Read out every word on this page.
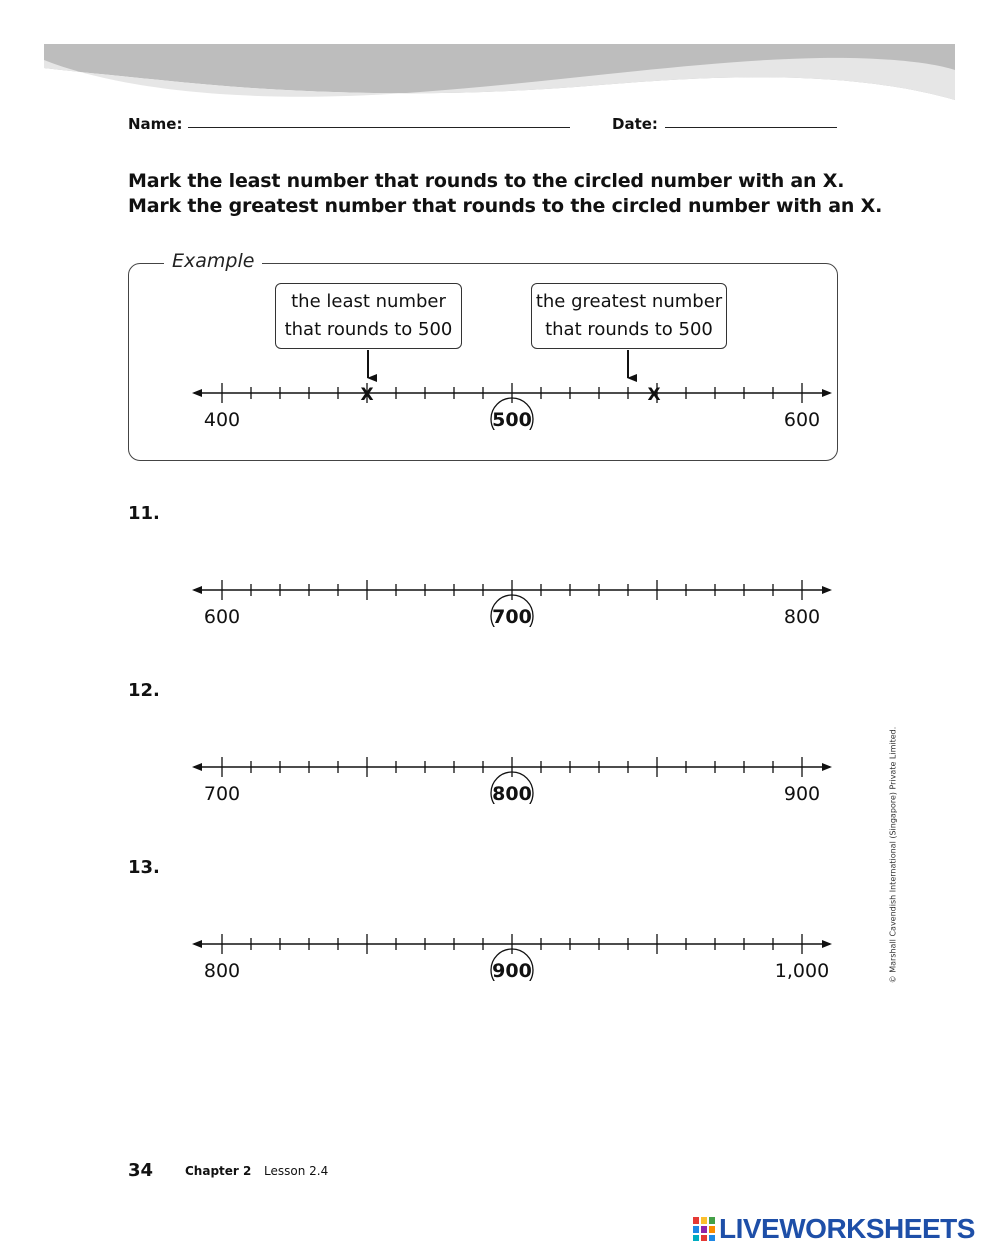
Name:	Date:
Mark the least number that rounds to the circled number with an X.
Mark the greatest number that rounds to the circled number with an X.
Example
the least number
that rounds to 500
the greatest number
that rounds to 500
400	500	600
X	X
11.
600	700	800
12.
700	800	900
13.
800	900	1,000	© Marshall Cavendish International (Singapore) Private Limited.
34	Chapter 2 Lesson 2.4
LIVEWORKSHEETS
